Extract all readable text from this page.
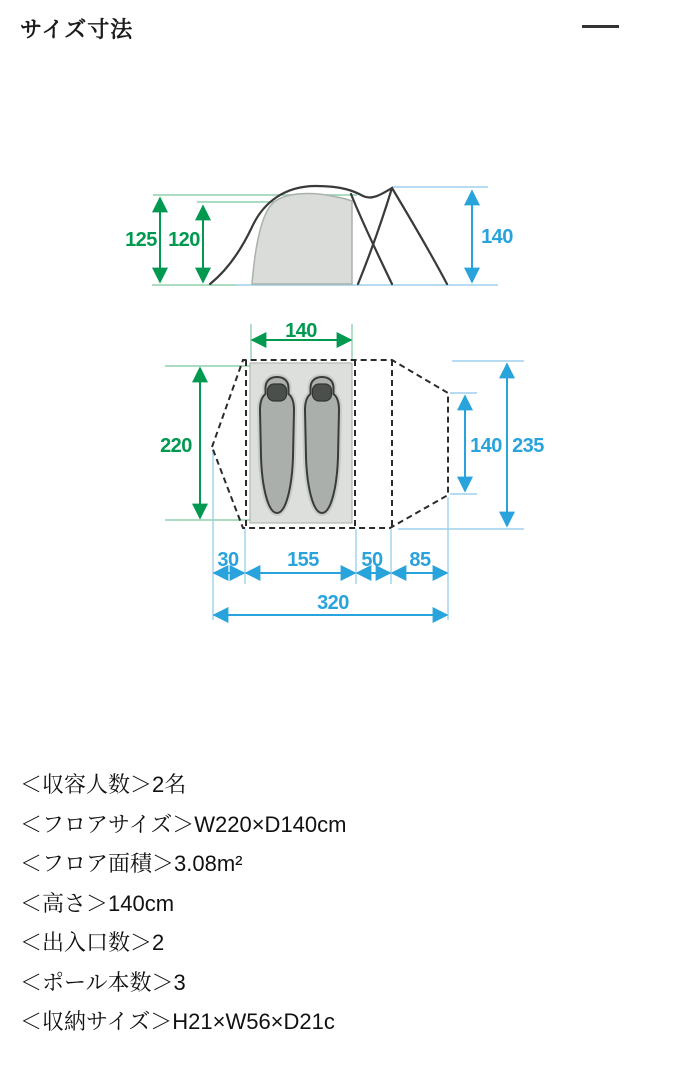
サイズ寸法
125 120	140
140
220	140 235
30 155 50 85
320
＜収容人数＞2名
＜フロアサイズ＞W220×D140cm
＜フロア面積＞3.08m²
＜高さ＞140cm
＜出入口数＞2
＜ポール本数＞3
＜収納サイズ＞H21×W56×D21c
